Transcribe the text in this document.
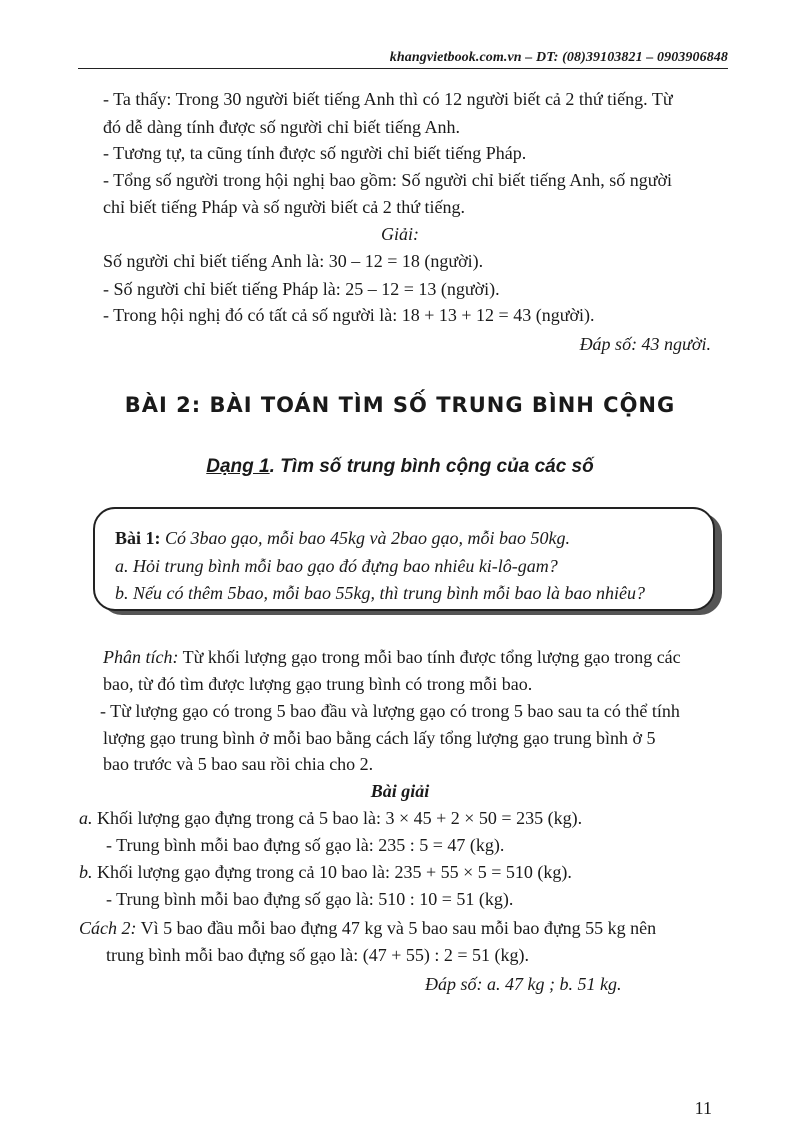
khangvietbook.com.vn – DT: (08)39103821 – 0903906848
- Ta thấy: Trong 30 người biết tiếng Anh thì có 12 người biết cả 2 thứ tiếng. Từ
đó dễ dàng tính được số người chỉ biết tiếng Anh.
- Tương tự, ta cũng tính được số người chỉ biết tiếng Pháp.
- Tổng số người trong hội nghị bao gồm: Số người chỉ biết tiếng Anh, số người
chỉ biết tiếng Pháp và số người biết cả 2 thứ tiếng.
Giải:
Số người chỉ biết tiếng Anh là: 30 – 12 = 18 (người).
- Số người chỉ biết tiếng Pháp là: 25 – 12 = 13 (người).
- Trong hội nghị đó có tất cả số người là: 18 + 13 + 12 = 43 (người).
Đáp số: 43 người.
BÀI 2: BÀI TOÁN TÌM SỐ TRUNG BÌNH CỘNG
Dạng 1. Tìm số trung bình cộng của các số
Bài 1: Có 3bao gạo, mỗi bao 45kg và 2bao gạo, mỗi bao 50kg.
a. Hỏi trung bình mỗi bao gạo đó đựng bao nhiêu ki-lô-gam?
b. Nếu có thêm 5bao, mỗi bao 55kg, thì trung bình mỗi bao là bao nhiêu?
Phân tích: Từ khối lượng gạo trong mỗi bao tính được tổng lượng gạo trong các
bao, từ đó tìm được lượng gạo trung bình có trong mỗi bao.
- Từ lượng gạo có trong 5 bao đầu và lượng gạo có trong 5 bao sau ta có thể tính
lượng gạo trung bình ở mỗi bao bằng cách lấy tổng lượng gạo trung bình ở 5
bao trước và 5 bao sau rồi chia cho 2.
Bài giải
a. Khối lượng gạo đựng trong cả 5 bao là: 3 × 45 + 2 × 50 = 235 (kg).
- Trung bình mỗi bao đựng số gạo là: 235 : 5 = 47 (kg).
b. Khối lượng gạo đựng trong cả 10 bao là: 235 + 55 × 5 = 510 (kg).
- Trung bình mỗi bao đựng số gạo là: 510 : 10 = 51 (kg).
Cách 2: Vì 5 bao đầu mỗi bao đựng 47 kg và 5 bao sau mỗi bao đựng 55 kg nên
trung bình mỗi bao đựng số gạo là: (47 + 55) : 2 = 51 (kg).
Đáp số: a. 47 kg ; b. 51 kg.
11
